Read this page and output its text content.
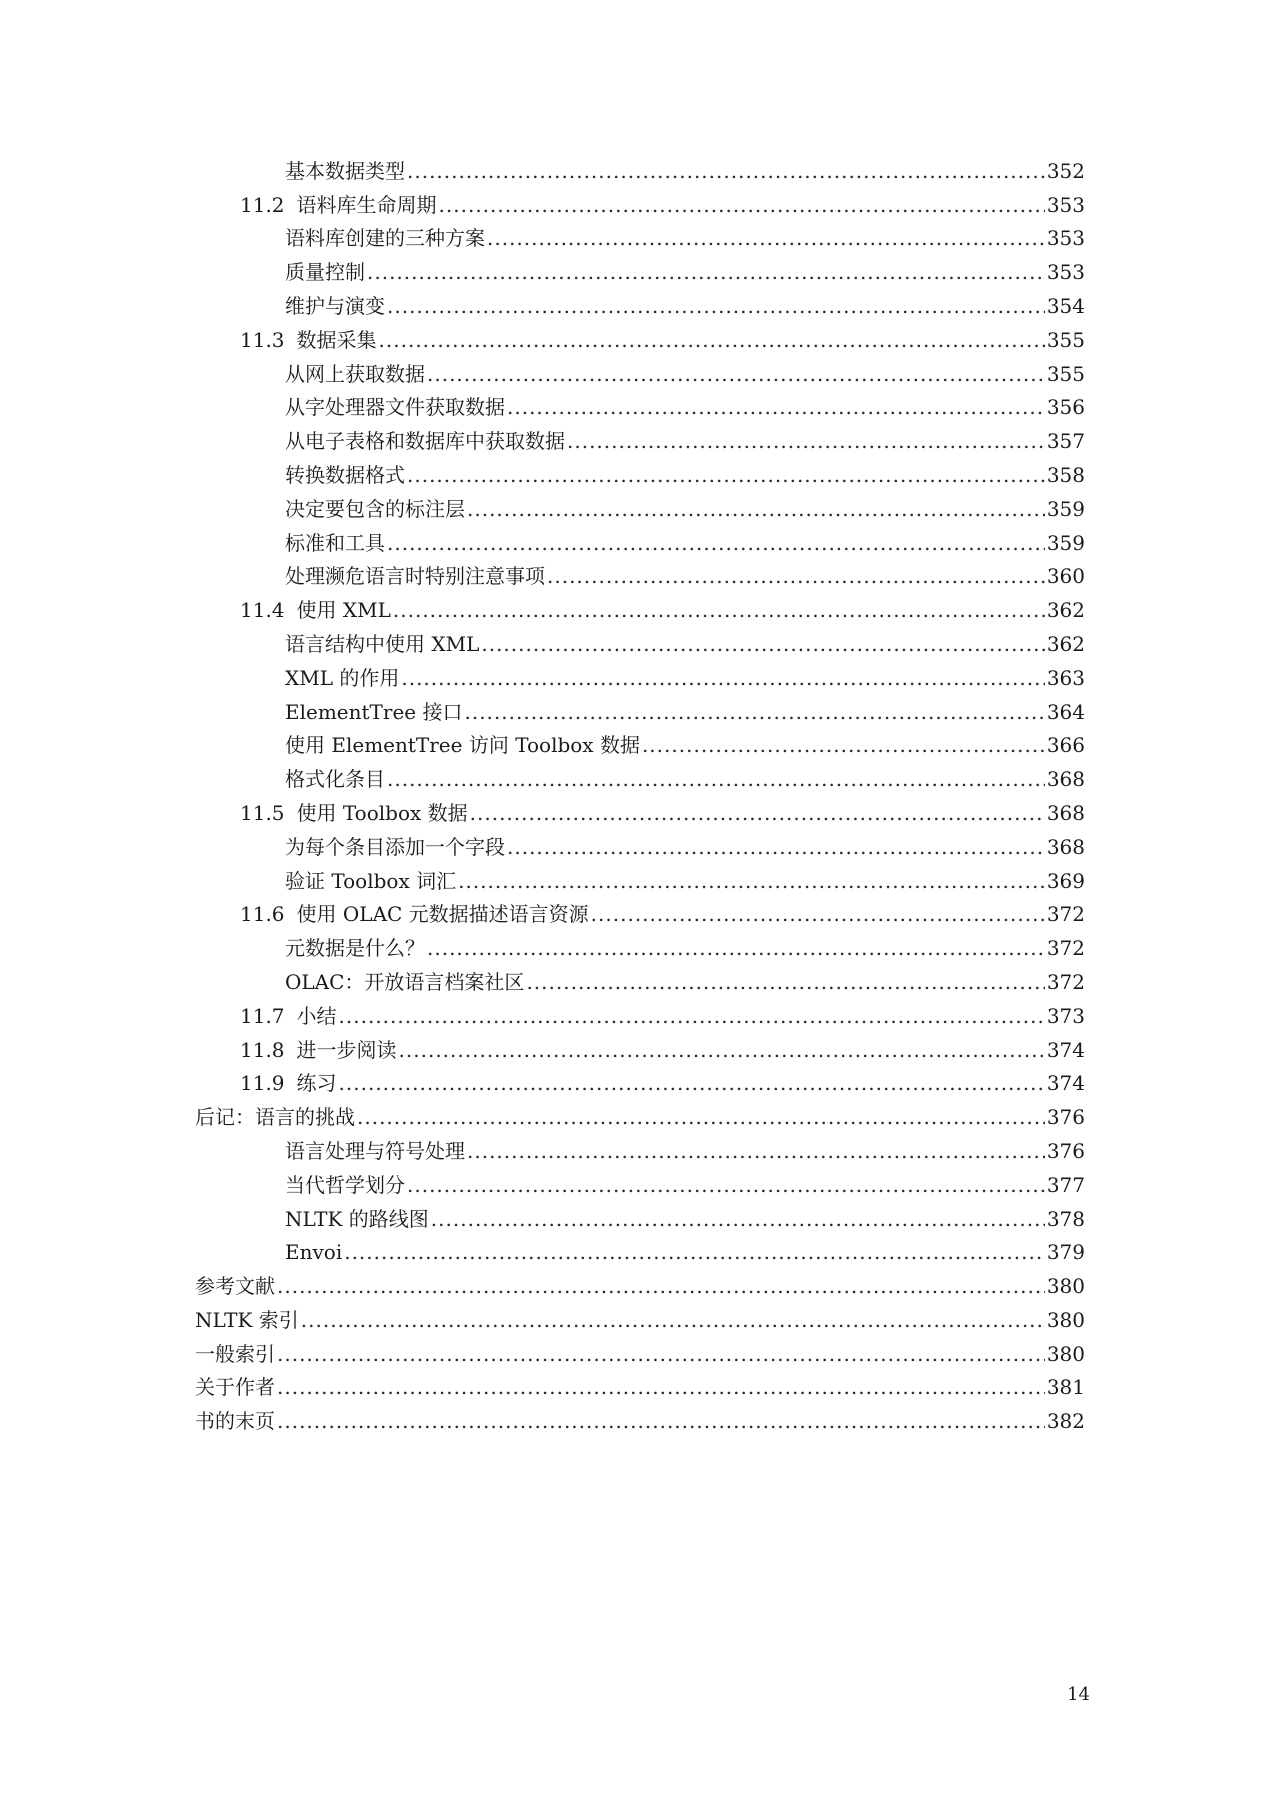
基本数据类型 .....	352
11.2 语料库生命周期 .....	353
语料库创建的三种方案 .....	353
质量控制 .....	353
维护与演变 .....	354
11.3 数据采集 .....	355
从网上获取数据 .....	355
从字处理器文件获取数据 .....	356
从电子表格和数据库中获取数据 .....	357
转换数据格式 .....	358
决定要包含的标注层 .....	359
标准和工具 .....	359
处理濒危语言时特别注意事项 .....	360
11.4 使用 XML .....	362
语言结构中使用 XML .....	362
XML 的作用 .....	363
ElementTree 接口 .....	364
使用 ElementTree 访问 Toolbox 数据 .....	366
格式化条目 .....	368
11.5 使用 Toolbox 数据 .....	368
为每个条目添加一个字段 .....	368
验证 Toolbox 词汇 .....	369
11.6 使用 OLAC 元数据描述语言资源 .....	372
元数据是什么？ .....	372
OLAC：开放语言档案社区 .....	372
11.7 小结 .....	373
11.8 进一步阅读 .....	374
11.9 练习 .....	374
后记：语言的挑战 .....	376
语言处理与符号处理 .....	376
当代哲学划分 .....	377
NLTK 的路线图 .....	378
Envoi .....	379
参考文献 .....	380
NLTK 索引 .....	380
一般索引 .....	380
关于作者 .....	381
书的末页 .....	382
14
